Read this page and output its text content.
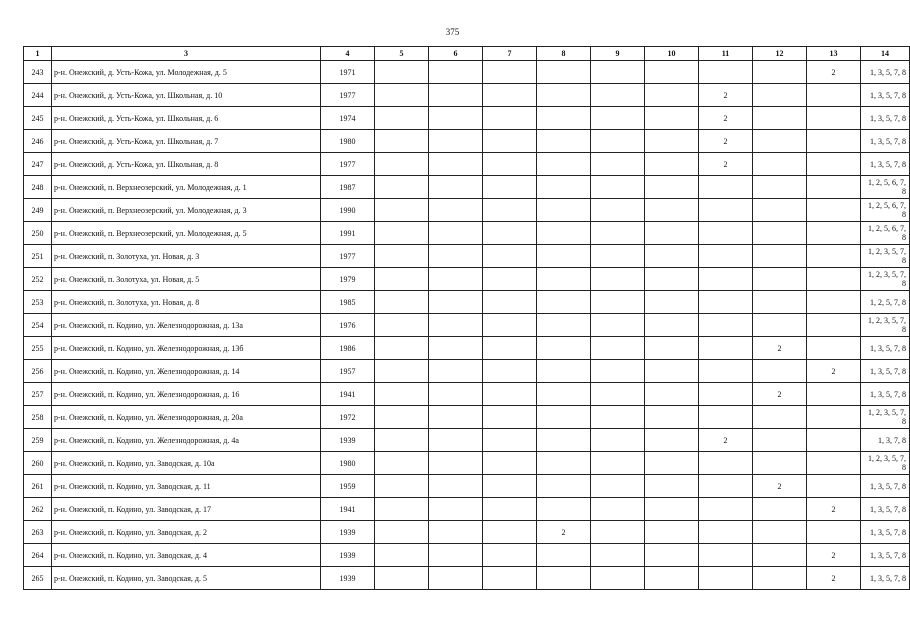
375
1	3	4	5	6	7	8	9	10	11	12	13	14
243	р-н. Онежский, д. Усть-Кожа, ул. Молодежная, д. 5	1971									2	1, 3, 5, 7, 8
244	р-н. Онежский, д. Усть-Кожа, ул. Школьная, д. 10	1977							2			1, 3, 5, 7, 8
245	р-н. Онежский, д. Усть-Кожа, ул. Школьная, д. 6	1974							2			1, 3, 5, 7, 8
246	р-н. Онежский, д. Усть-Кожа, ул. Школьная, д. 7	1980							2			1, 3, 5, 7, 8
247	р-н. Онежский, д. Усть-Кожа, ул. Школьная, д. 8	1977							2			1, 3, 5, 7, 8
248	р-н. Онежский, п. Верхнеозерский, ул. Молодежная, д. 1	1987										1, 2, 5, 6, 7, 8
249	р-н. Онежский, п. Верхнеозерский, ул. Молодежная, д. 3	1990										1, 2, 5, 6, 7, 8
250	р-н. Онежский, п. Верхнеозерский, ул. Молодежная, д. 5	1991										1, 2, 5, 6, 7, 8
251	р-н. Онежский, п. Золотуха, ул. Новая, д. 3	1977										1, 2, 3, 5, 7, 8
252	р-н. Онежский, п. Золотуха, ул. Новая, д. 5	1979										1, 2, 3, 5, 7, 8
253	р-н. Онежский, п. Золотуха, ул. Новая, д. 8	1985										1, 2, 5, 7, 8
254	р-н. Онежский, п. Кодино, ул. Железнодорожная, д. 13а	1976										1, 2, 3, 5, 7, 8
255	р-н. Онежский, п. Кодино, ул. Железнодорожная, д. 13б	1986								2		1, 3, 5, 7, 8
256	р-н. Онежский, п. Кодино, ул. Железнодорожная, д. 14	1957									2	1, 3, 5, 7, 8
257	р-н. Онежский, п. Кодино, ул. Железнодорожная, д. 16	1941								2		1, 3, 5, 7, 8
258	р-н. Онежский, п. Кодино, ул. Железнодорожная, д. 20а	1972										1, 2, 3, 5, 7, 8
259	р-н. Онежский, п. Кодино, ул. Железнодорожная, д. 4а	1939							2			1, 3, 7, 8
260	р-н. Онежский, п. Кодино, ул. Заводская, д. 10а	1980										1, 2, 3, 5, 7, 8
261	р-н. Онежский, п. Кодино, ул. Заводская, д. 11	1959								2		1, 3, 5, 7, 8
262	р-н. Онежский, п. Кодино, ул. Заводская, д. 17	1941									2	1, 3, 5, 7, 8
263	р-н. Онежский, п. Кодино, ул. Заводская, д. 2	1939				2						1, 3, 5, 7, 8
264	р-н. Онежский, п. Кодино, ул. Заводская, д. 4	1939									2	1, 3, 5, 7, 8
265	р-н. Онежский, п. Кодино, ул. Заводская, д. 5	1939									2	1, 3, 5, 7, 8
